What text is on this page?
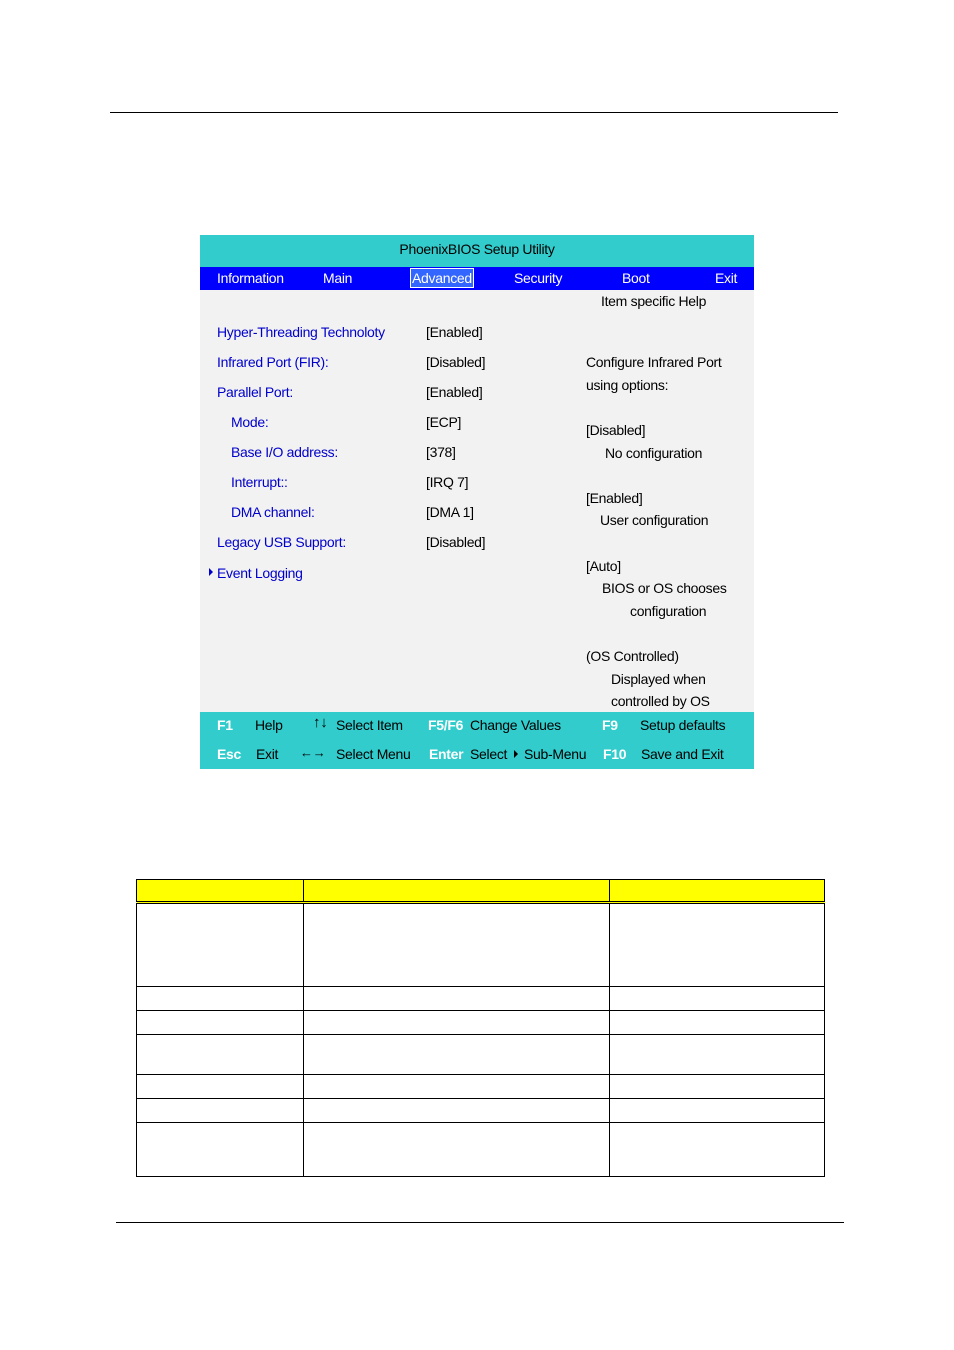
PhoenixBIOS Setup Utility
Information	Main	Advanced	Security	Boot	Exit
Item specific Help
Hyper-Threading Technoloty	[Enabled]
Infrared Port (FIR):	[Disabled]
Parallel Port:	[Enabled]
Mode:	[ECP]
Base I/O address:	[378]
Interrupt::	[IRQ 7]
DMA channel:	[DMA 1]
Legacy USB Support:	[Disabled]
Event Logging
Configure Infrared Port
using options:
[Disabled]
No configuration
[Enabled]
User configuration
[Auto]
BIOS or OS chooses
configuration
(OS Controlled)
Displayed when
controlled by OS
F1 Help ↑↓ Select Item F5/F6 Change Values	F9 Setup defaults
Esc Exit ←→ Select Menu Enter Select Sub-Menu F10 Save and Exit
